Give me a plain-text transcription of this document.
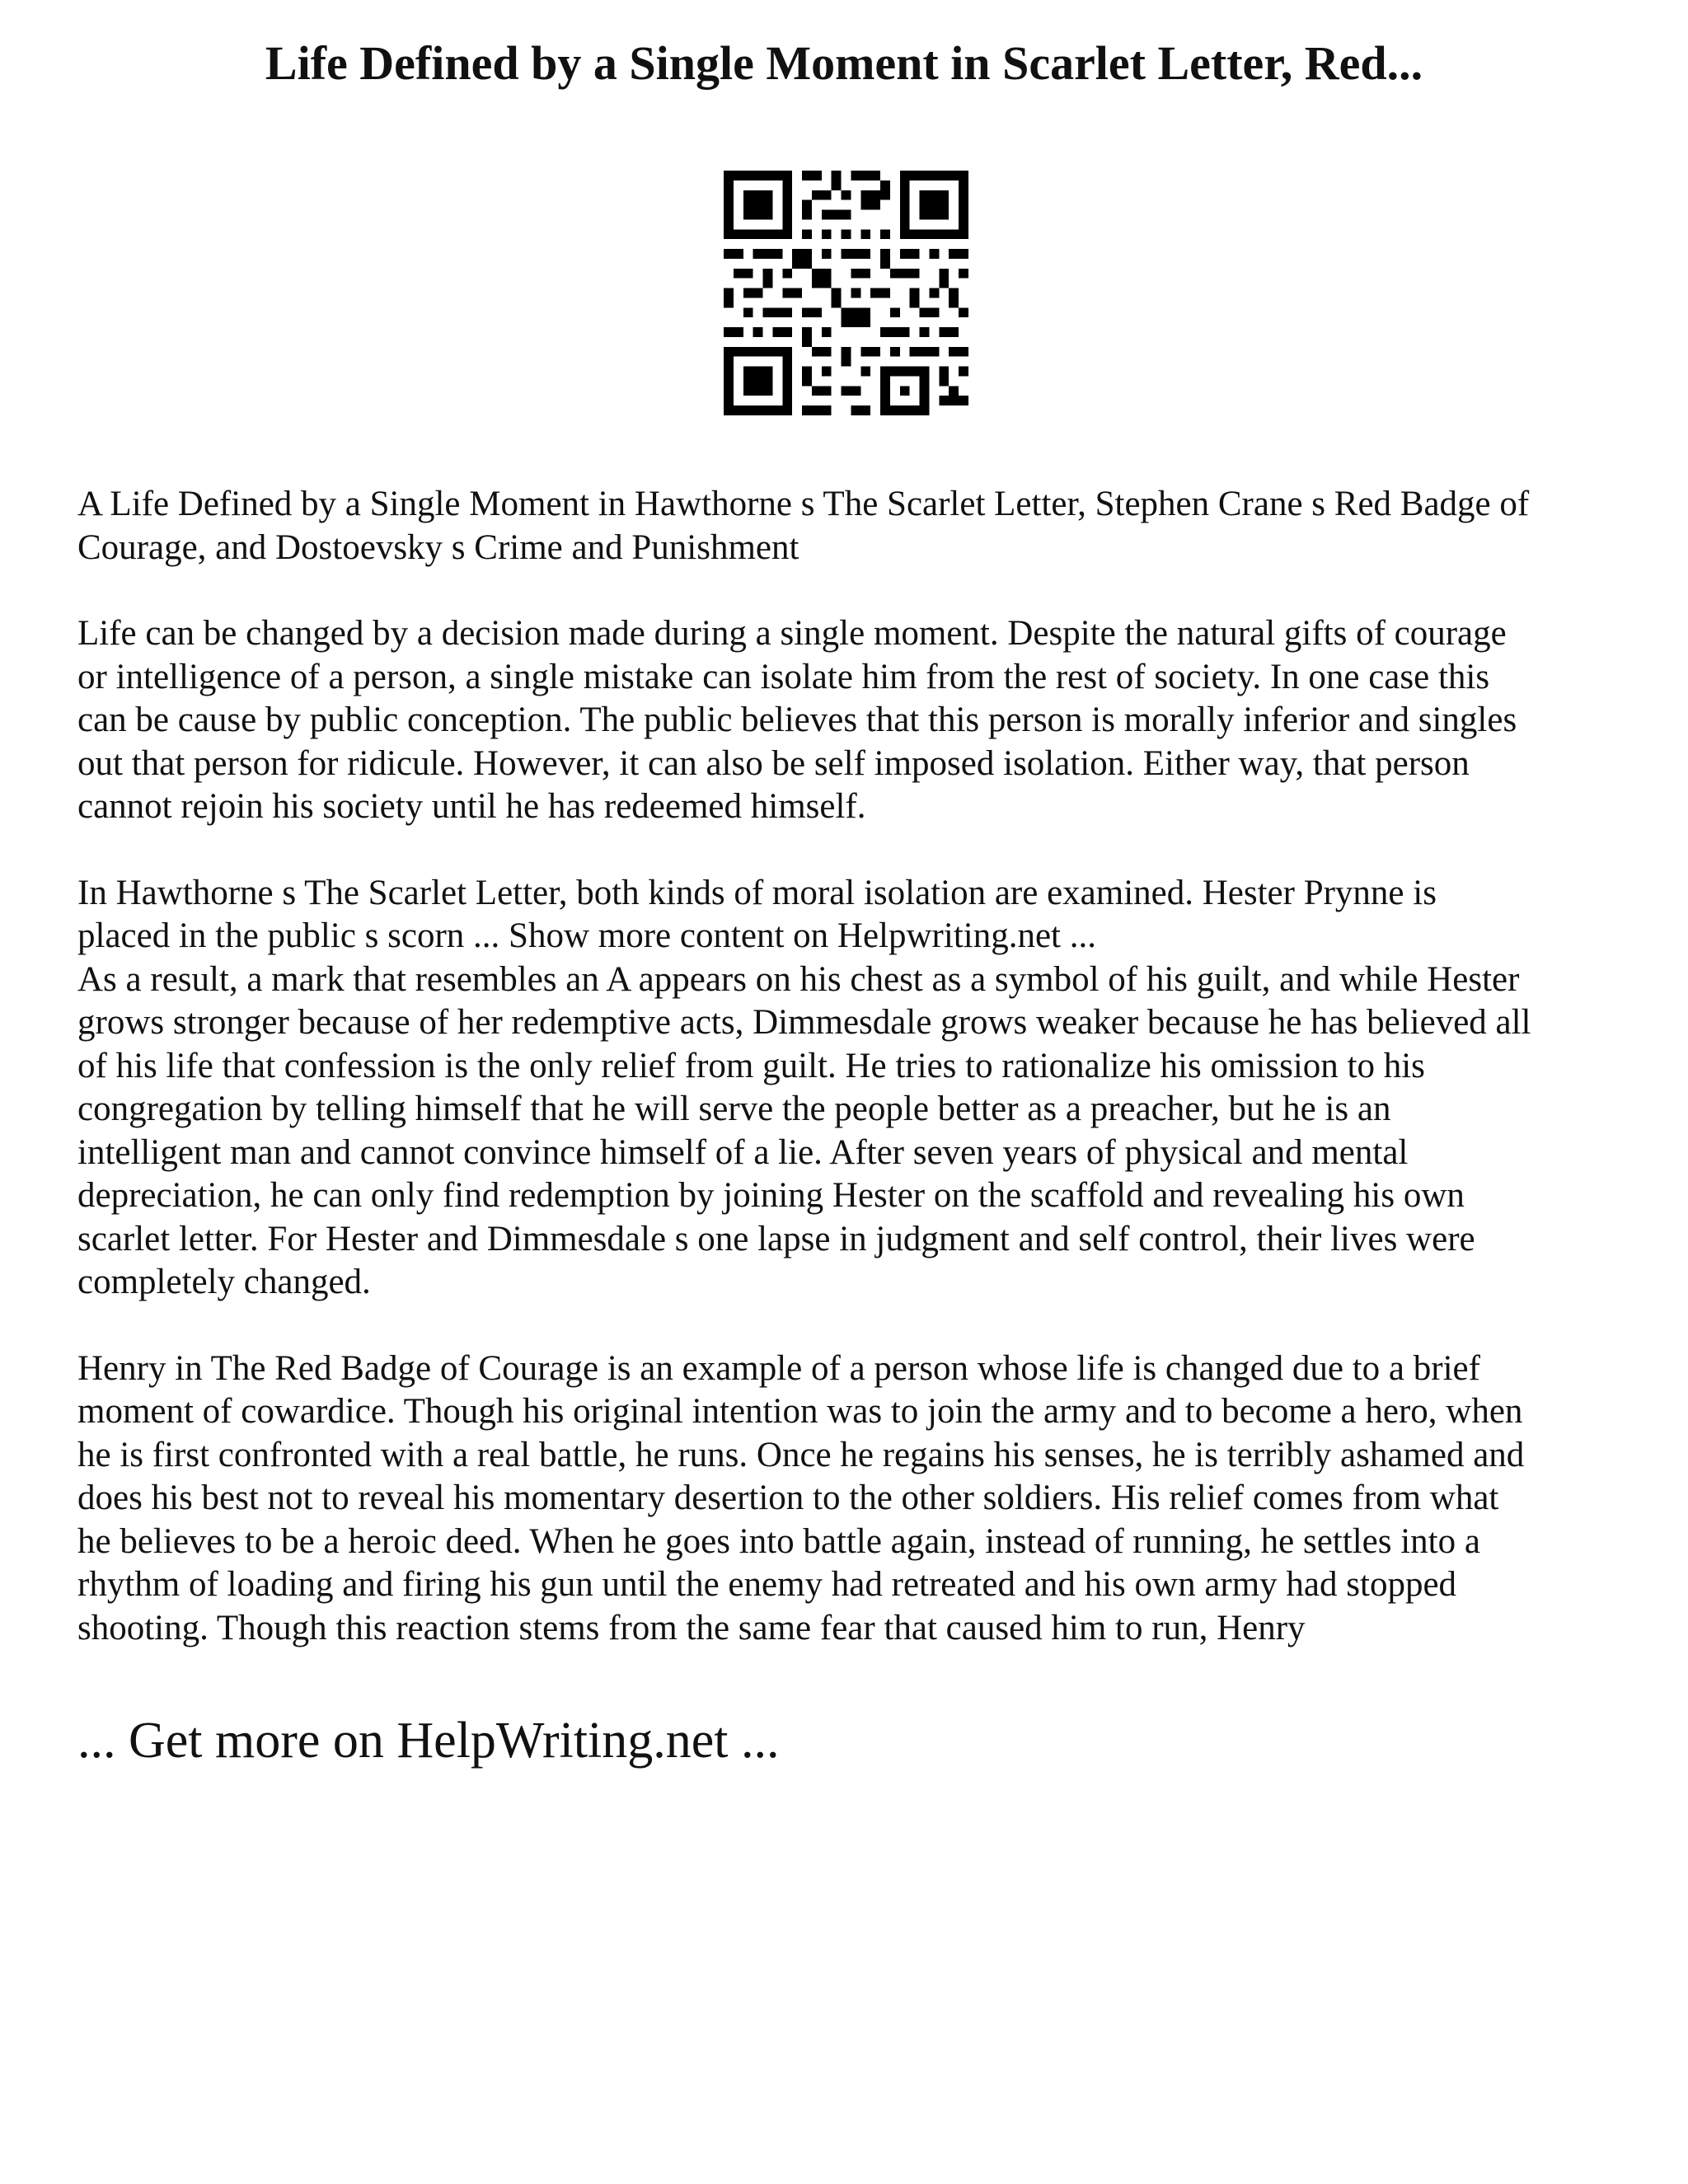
Life Defined by a Single Moment in Scarlet Letter, Red...

A Life Defined by a Single Moment in Hawthorne s The Scarlet Letter, Stephen Crane s Red Badge of
Courage, and Dostoevsky s Crime and Punishment

Life can be changed by a decision made during a single moment. Despite the natural gifts of courage
or intelligence of a person, a single mistake can isolate him from the rest of society. In one case this
can be cause by public conception. The public believes that this person is morally inferior and singles
out that person for ridicule. However, it can also be self imposed isolation. Either way, that person
cannot rejoin his society until he has redeemed himself.

In Hawthorne s The Scarlet Letter, both kinds of moral isolation are examined. Hester Prynne is
placed in the public s scorn ... Show more content on Helpwriting.net ...

As a result, a mark that resembles an A appears on his chest as a symbol of his guilt, and while Hester
grows stronger because of her redemptive acts, Dimmesdale grows weaker because he has believed all
of his life that confession is the only relief from guilt. He tries to rationalize his omission to his
congregation by telling himself that he will serve the people better as a preacher, but he is an
intelligent man and cannot convince himself of a lie. After seven years of physical and mental
depreciation, he can only find redemption by joining Hester on the scaffold and revealing his own
scarlet letter. For Hester and Dimmesdale s one lapse in judgment and self control, their lives were
completely changed.

Henry in The Red Badge of Courage is an example of a person whose life is changed due to a brief
moment of cowardice. Though his original intention was to join the army and to become a hero, when
he is first confronted with a real battle, he runs. Once he regains his senses, he is terribly ashamed and
does his best not to reveal his momentary desertion to the other soldiers. His relief comes from what
he believes to be a heroic deed. When he goes into battle again, instead of running, he settles into a
rhythm of loading and firing his gun until the enemy had retreated and his own army had stopped
shooting. Though this reaction stems from the same fear that caused him to run, Henry

... Get more on HelpWriting.net ...
